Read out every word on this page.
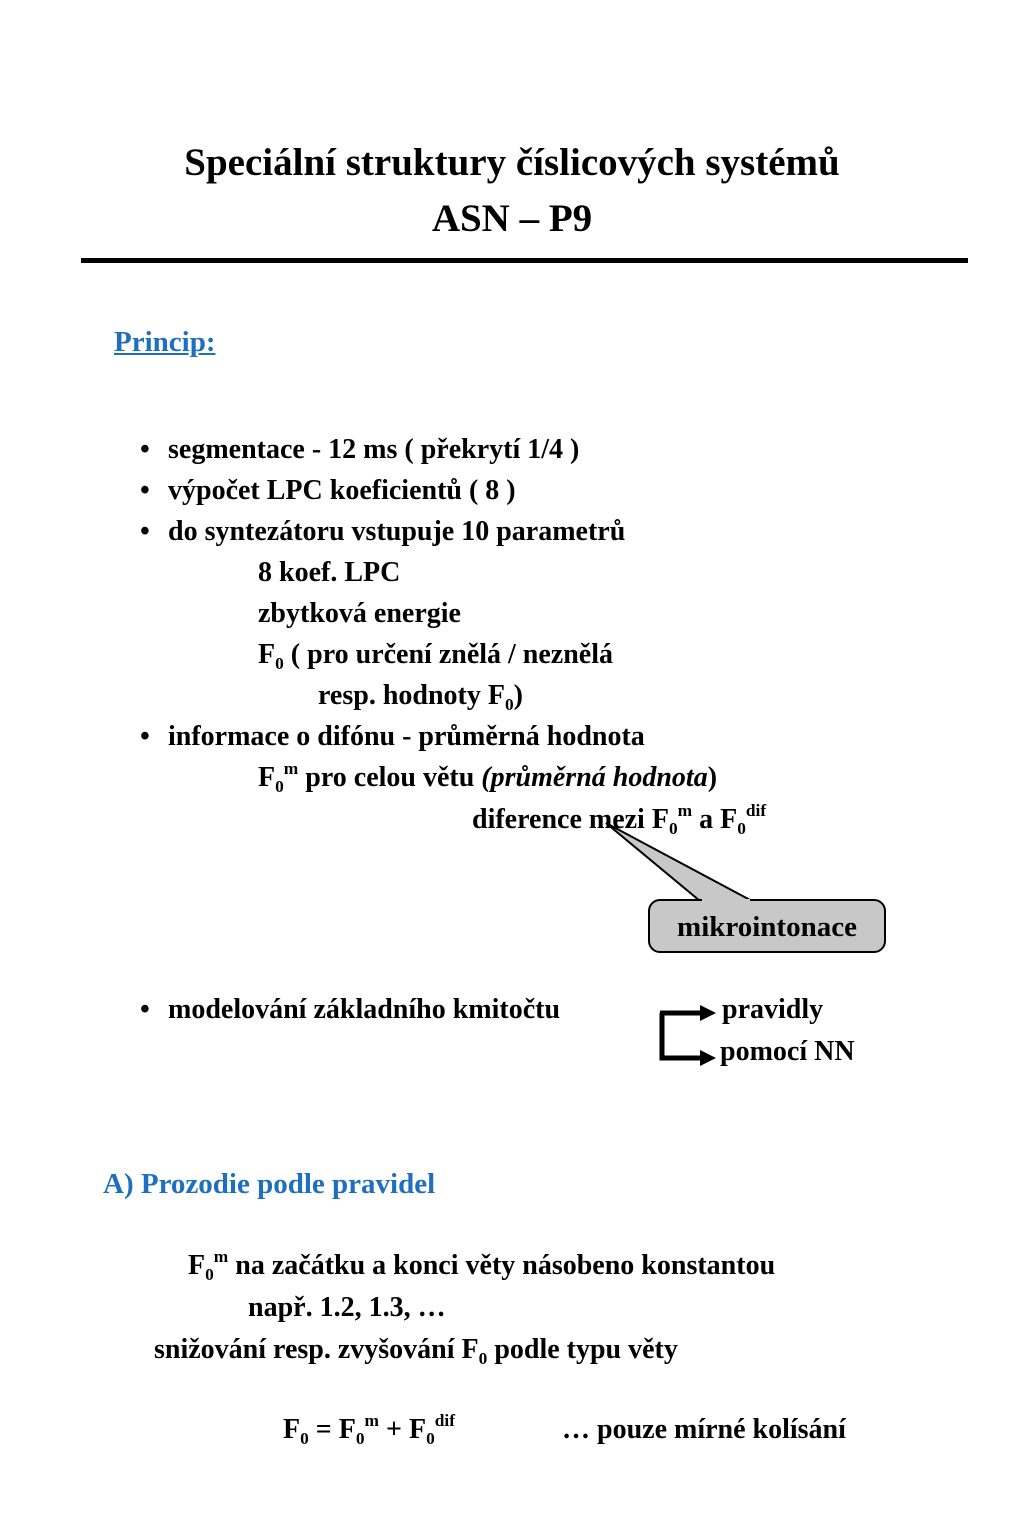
Speciální struktury číslicových systémů
ASN – P9
Princip:
• segmentace - 12 ms ( překrytí 1/4 )
• výpočet LPC koeficientů ( 8 )
• do syntezátoru vstupuje 10 parametrů
8 koef. LPC
zbytková energie
$F_0$ ( pro určení znělá / neznělá
resp. hodnoty $F_0$)
• informace o difónu - průměrná hodnota
$F_0^m$ pro celou větu (průměrná hodnota)
diference mezi $F_0^m$ a $F_0^{dif}$
mikrointonace
• modelování základního kmitočtu	pravidly
pomocí NN
A) Prozodie podle pravidel
$F_0^m$ na začátku a konci věty násobeno konstantou
např. 1.2, 1.3, …
snižování resp. zvyšování $F_0$ podle typu věty
$F_0 = F_0^m + F_0^{dif}$	… pouze mírné kolísání
